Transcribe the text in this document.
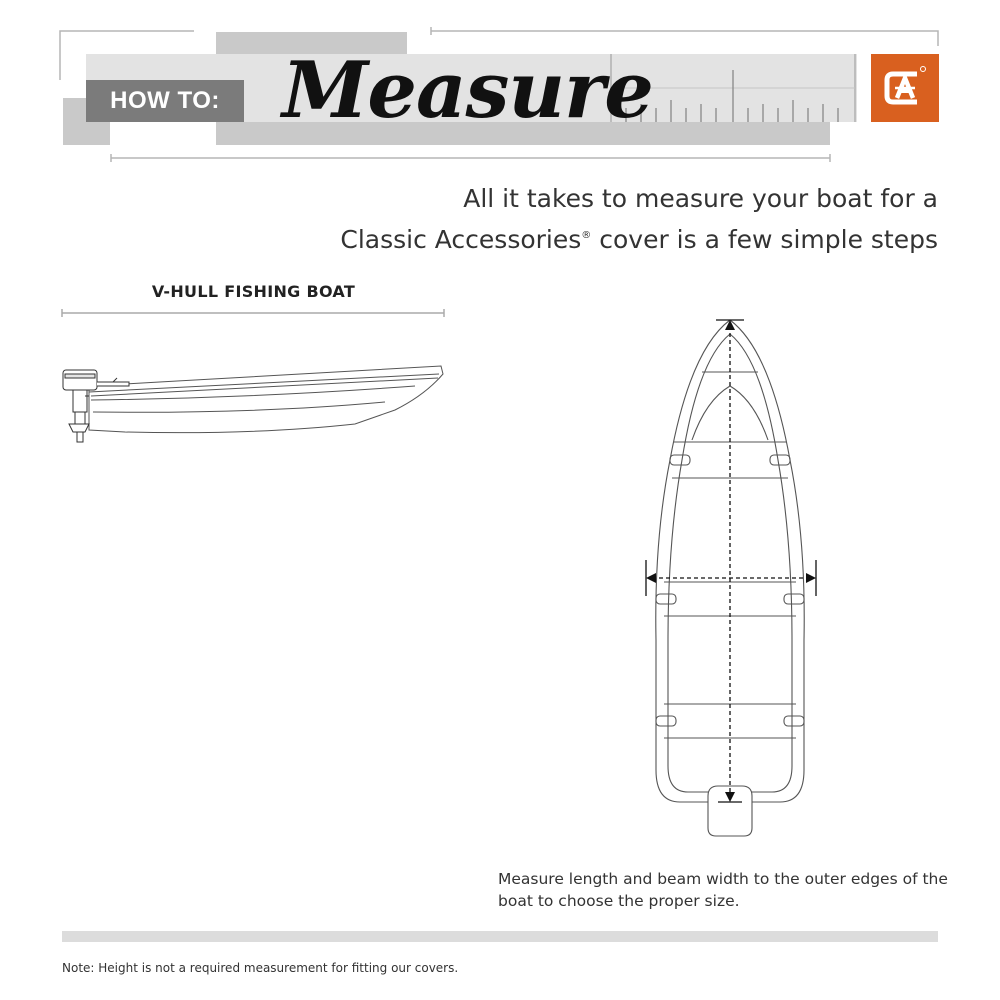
HOW TO: Measure
All it takes to measure your boat for a
Classic Accessories® cover is a few simple steps
V-HULL FISHING BOAT
Measure length and beam width to the outer edges of the boat to choose the proper size.
Note: Height is not a required measurement for fitting our covers.
